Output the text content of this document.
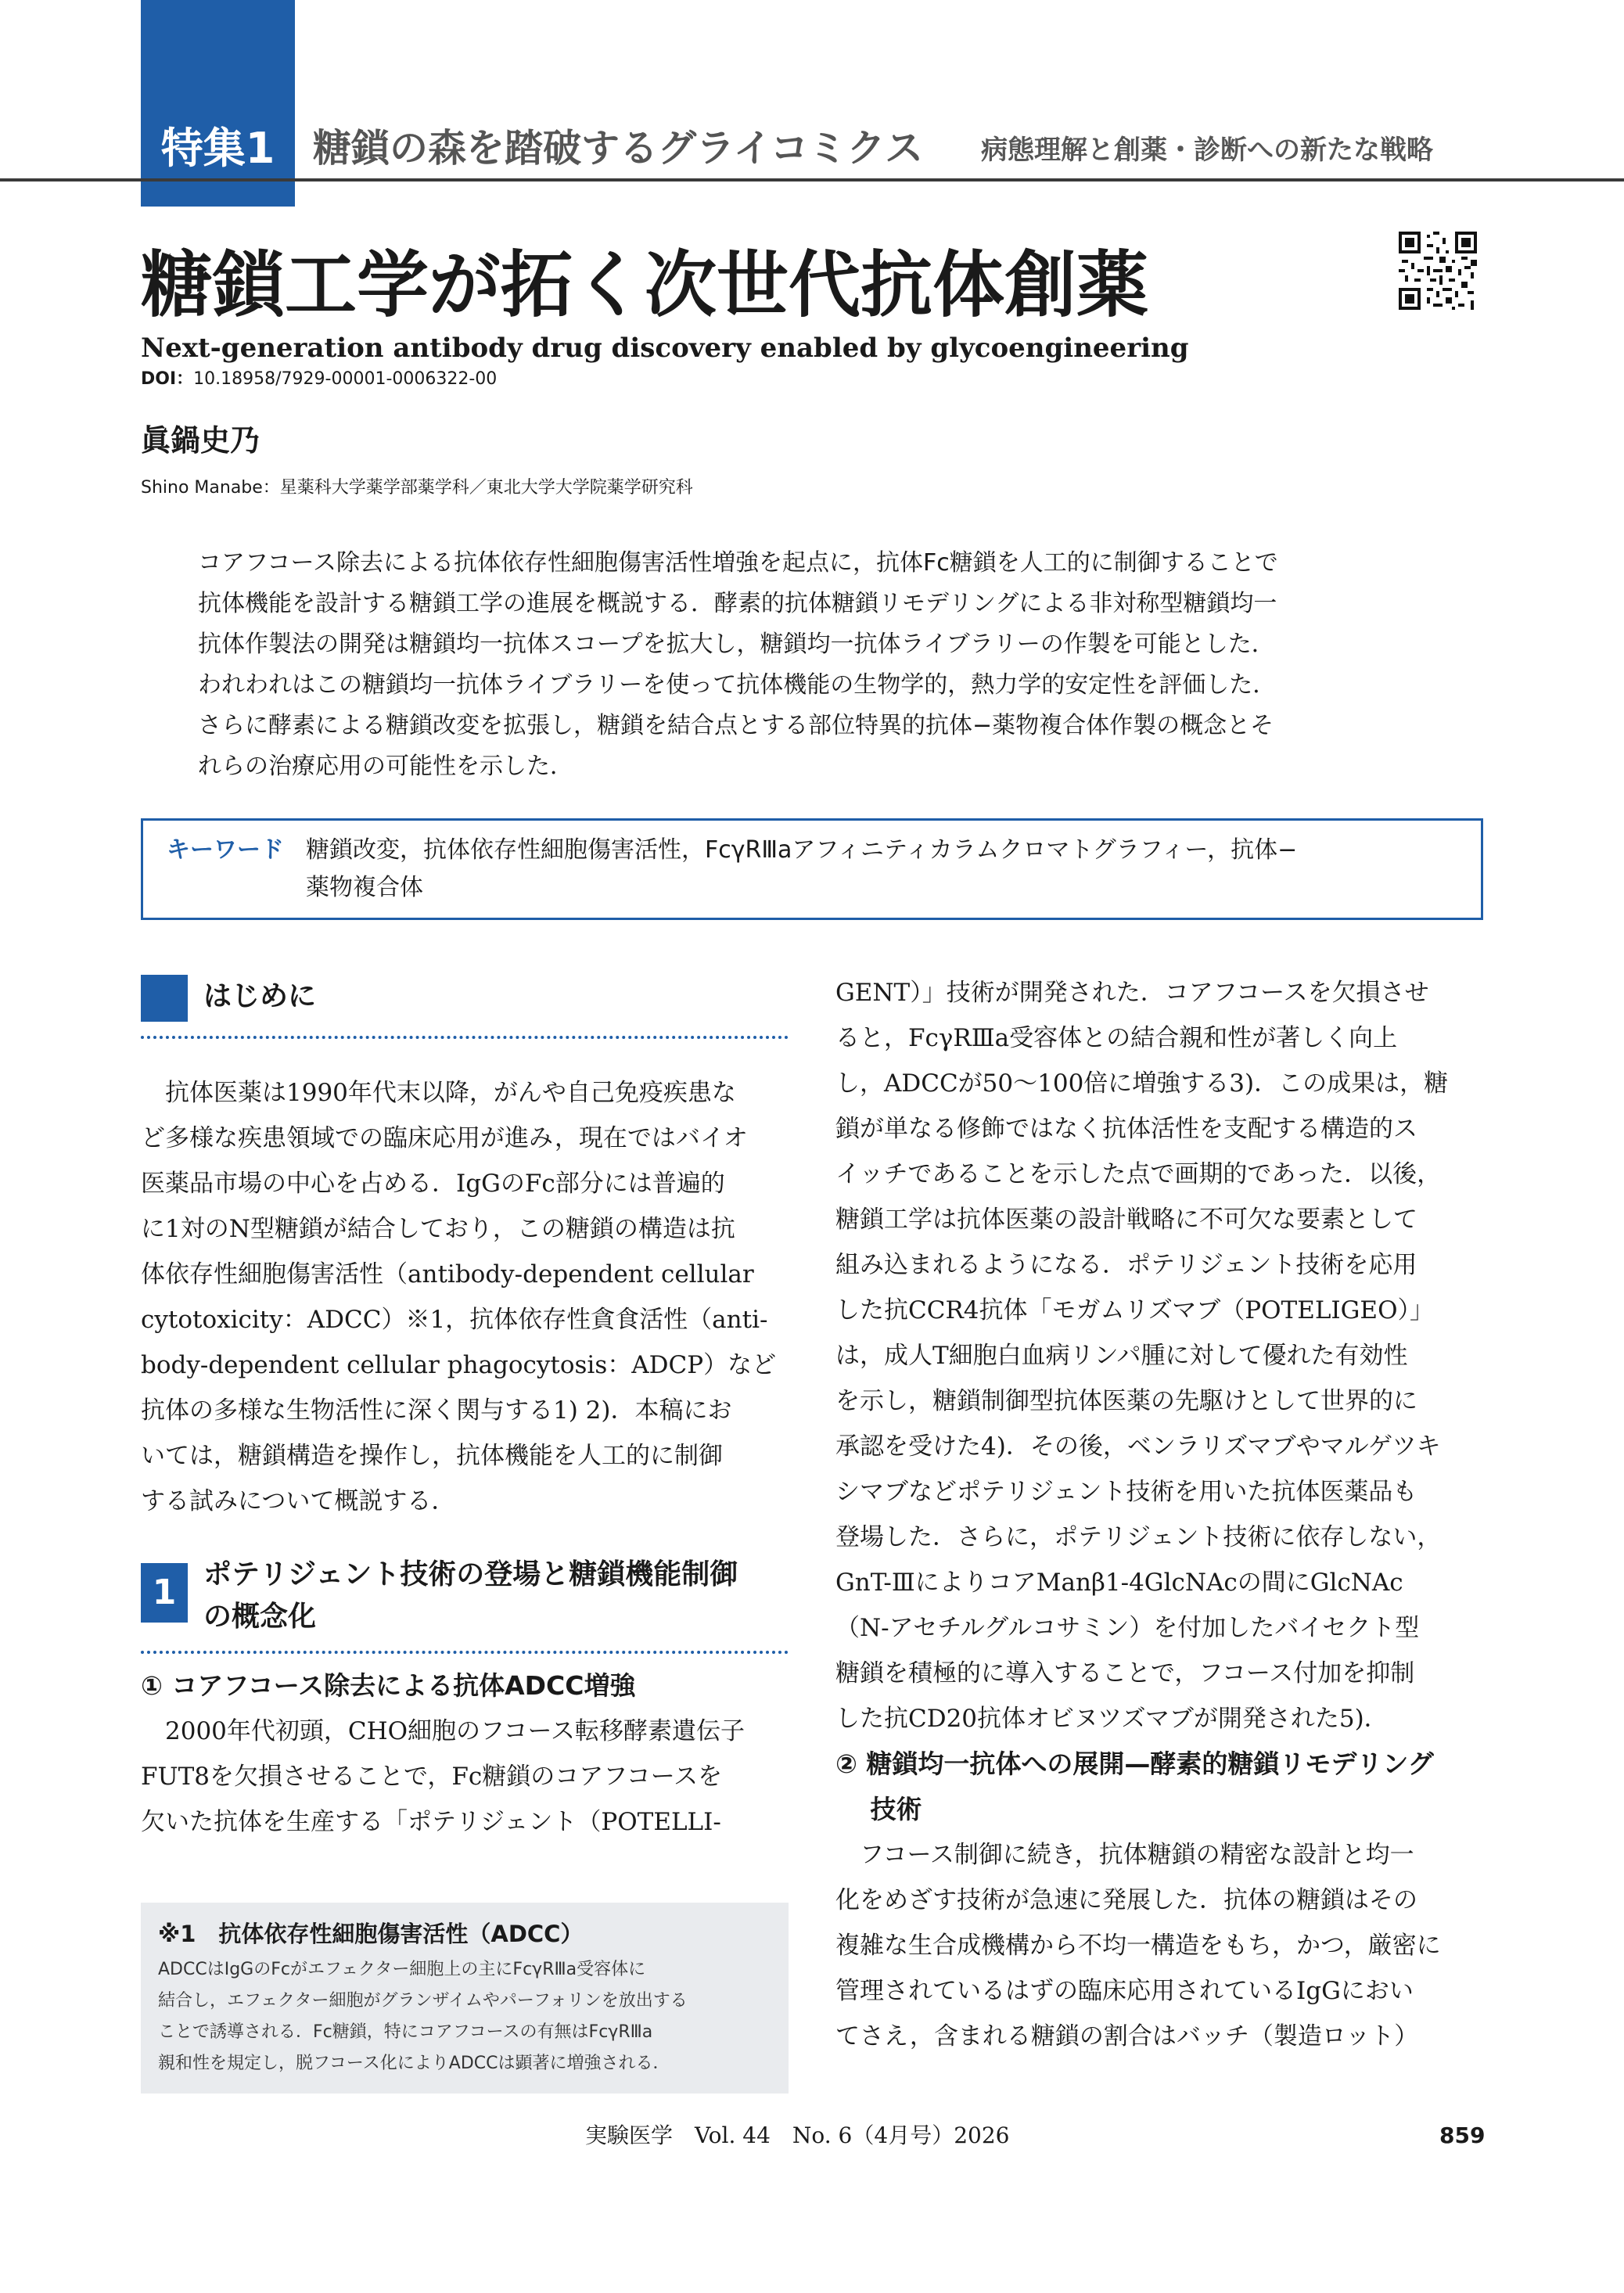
特集1 糖鎖の森を踏破するグライコミクス 病態理解と創薬・診断への新たな戦略
糖鎖工学が拓く次世代抗体創薬
Next-generation antibody drug discovery enabled by glycoengineering
DOI：10.18958/7929-00001-0006322-00
眞鍋史乃
Shino Manabe：星薬科大学薬学部薬学科／東北大学大学院薬学研究科
コアフコース除去による抗体依存性細胞傷害活性増強を起点に，抗体Fc糖鎖を人工的に制御することで
抗体機能を設計する糖鎖工学の進展を概説する．酵素的抗体糖鎖リモデリングによる非対称型糖鎖均一
抗体作製法の開発は糖鎖均一抗体スコープを拡大し，糖鎖均一抗体ライブラリーの作製を可能とした．
われわれはこの糖鎖均一抗体ライブラリーを使って抗体機能の生物学的，熱力学的安定性を評価した．
さらに酵素による糖鎖改変を拡張し，糖鎖を結合点とする部位特異的抗体−薬物複合体作製の概念とそ
れらの治療応用の可能性を示した．
キーワード 糖鎖改変，抗体依存性細胞傷害活性，FcγRⅢaアフィニティカラムクロマトグラフィー，抗体−
薬物複合体
はじめに
　抗体医薬は1990年代末以降，がんや自己免疫疾患な
ど多様な疾患領域での臨床応用が進み，現在ではバイオ
医薬品市場の中心を占める．IgGのFc部分には普遍的
に1対のN型糖鎖が結合しており，この糖鎖の構造は抗
体依存性細胞傷害活性（antibody-dependent cellular
cytotoxicity：ADCC）※1，抗体依存性貪食活性（anti-
body-dependent cellular phagocytosis：ADCP）など
抗体の多様な生物活性に深く関与する1) 2)．本稿にお
いては，糖鎖構造を操作し，抗体機能を人工的に制御
する試みについて概説する．
1 ポテリジェント技術の登場と糖鎖機能制御
の概念化
① コアフコース除去による抗体ADCC増強
　2000年代初頭，CHO細胞のフコース転移酵素遺伝子
FUT8を欠損させることで，Fc糖鎖のコアフコースを
欠いた抗体を生産する「ポテリジェント（POTELLI-
※1　抗体依存性細胞傷害活性（ADCC）
ADCCはIgGのFcがエフェクター細胞上の主にFcγRⅢa受容体に
結合し，エフェクター細胞がグランザイムやパーフォリンを放出する
ことで誘導される．Fc糖鎖，特にコアフコースの有無はFcγRⅢa
親和性を規定し，脱フコース化によりADCCは顕著に増強される．
GENT）」技術が開発された．コアフコースを欠損させ
ると，FcγRⅢa受容体との結合親和性が著しく向上
し，ADCCが50〜100倍に増強する3)．この成果は，糖
鎖が単なる修飾ではなく抗体活性を支配する構造的ス
イッチであることを示した点で画期的であった．以後，
糖鎖工学は抗体医薬の設計戦略に不可欠な要素として
組み込まれるようになる．ポテリジェント技術を応用
した抗CCR4抗体「モガムリズマブ（POTELIGEO）」
は，成人T細胞白血病リンパ腫に対して優れた有効性
を示し，糖鎖制御型抗体医薬の先駆けとして世界的に
承認を受けた4)．その後，ベンラリズマブやマルゲツキ
シマブなどポテリジェント技術を用いた抗体医薬品も
登場した．さらに，ポテリジェント技術に依存しない，
GnT-ⅢによりコアManβ1-4GlcNAcの間にGlcNAc
（N-アセチルグルコサミン）を付加したバイセクト型
糖鎖を積極的に導入することで，フコース付加を抑制
した抗CD20抗体オビヌツズマブが開発された5)．
② 糖鎖均一抗体への展開—酵素的糖鎖リモデリング
　 技術
　フコース制御に続き，抗体糖鎖の精密な設計と均一
化をめざす技術が急速に発展した．抗体の糖鎖はその
複雑な生合成機構から不均一構造をもち，かつ，厳密に
管理されているはずの臨床応用されているIgGにおい
てさえ，含まれる糖鎖の割合はバッチ（製造ロット）
実験医学　Vol. 44　No. 6（4月号）2026	859
